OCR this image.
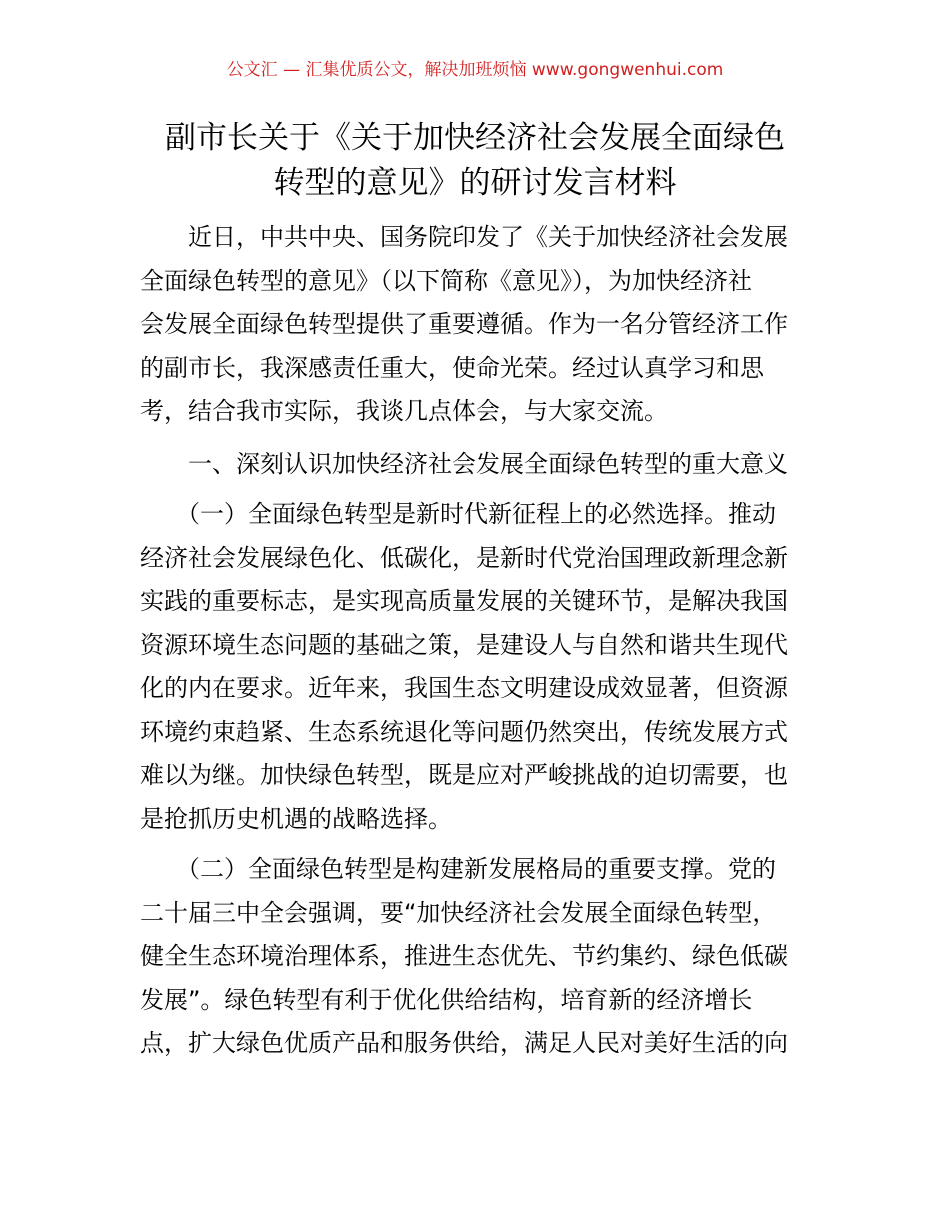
公文汇 — 汇集优质公文，解决加班烦恼 www.gongwenhui.com
副市长关于《关于加快经济社会发展全面绿色
转型的意见》的研讨发言材料

　　近日，中共中央、国务院印发了《关于加快经济社会发展
全面绿色转型的意见》（以下简称《意见》），为加快经济社
会发展全面绿色转型提供了重要遵循。作为一名分管经济工作
的副市长，我深感责任重大，使命光荣。经过认真学习和思
考，结合我市实际，我谈几点体会，与大家交流。

　　一、深刻认识加快经济社会发展全面绿色转型的重大意义

　　（一）全面绿色转型是新时代新征程上的必然选择。推动
经济社会发展绿色化、低碳化，是新时代党治国理政新理念新
实践的重要标志，是实现高质量发展的关键环节，是解决我国
资源环境生态问题的基础之策，是建设人与自然和谐共生现代
化的内在要求。近年来，我国生态文明建设成效显著，但资源
环境约束趋紧、生态系统退化等问题仍然突出，传统发展方式
难以为继。加快绿色转型，既是应对严峻挑战的迫切需要，也
是抢抓历史机遇的战略选择。

　　（二）全面绿色转型是构建新发展格局的重要支撑。党的
二十届三中全会强调，要“加快经济社会发展全面绿色转型，
健全生态环境治理体系，推进生态优先、节约集约、绿色低碳
发展”。绿色转型有利于优化供给结构，培育新的经济增长
点，扩大绿色优质产品和服务供给，满足人民对美好生活的向
